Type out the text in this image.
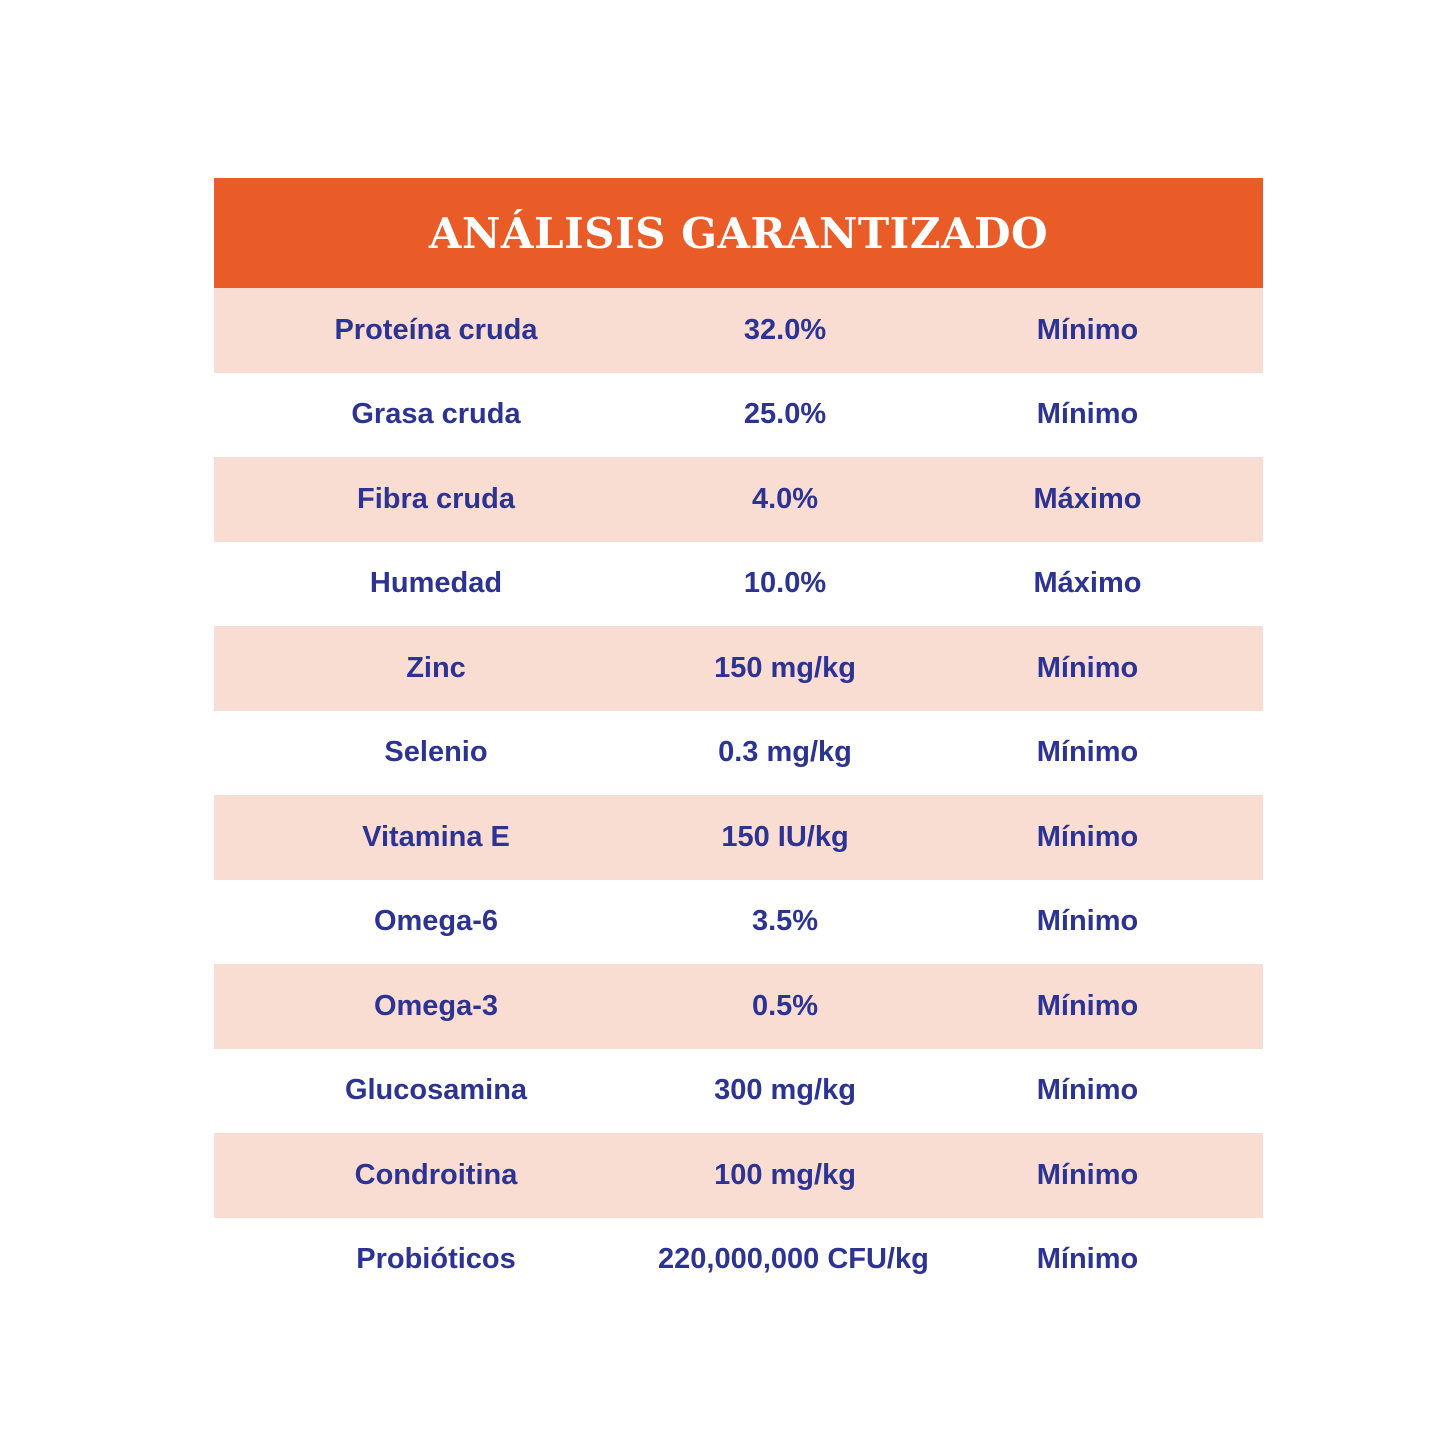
ANÁLISIS GARANTIZADO
Proteína cruda	32.0%	Mínimo
Grasa cruda	25.0%	Mínimo
Fibra cruda	4.0%	Máximo
Humedad	10.0%	Máximo
Zinc	150 mg/kg	Mínimo
Selenio	0.3 mg/kg	Mínimo
Vitamina E	150 IU/kg	Mínimo
Omega-6	3.5%	Mínimo
Omega-3	0.5%	Mínimo
Glucosamina	300 mg/kg	Mínimo
Condroitina	100 mg/kg	Mínimo
Probióticos	220,000,000 CFU/kg	Mínimo
